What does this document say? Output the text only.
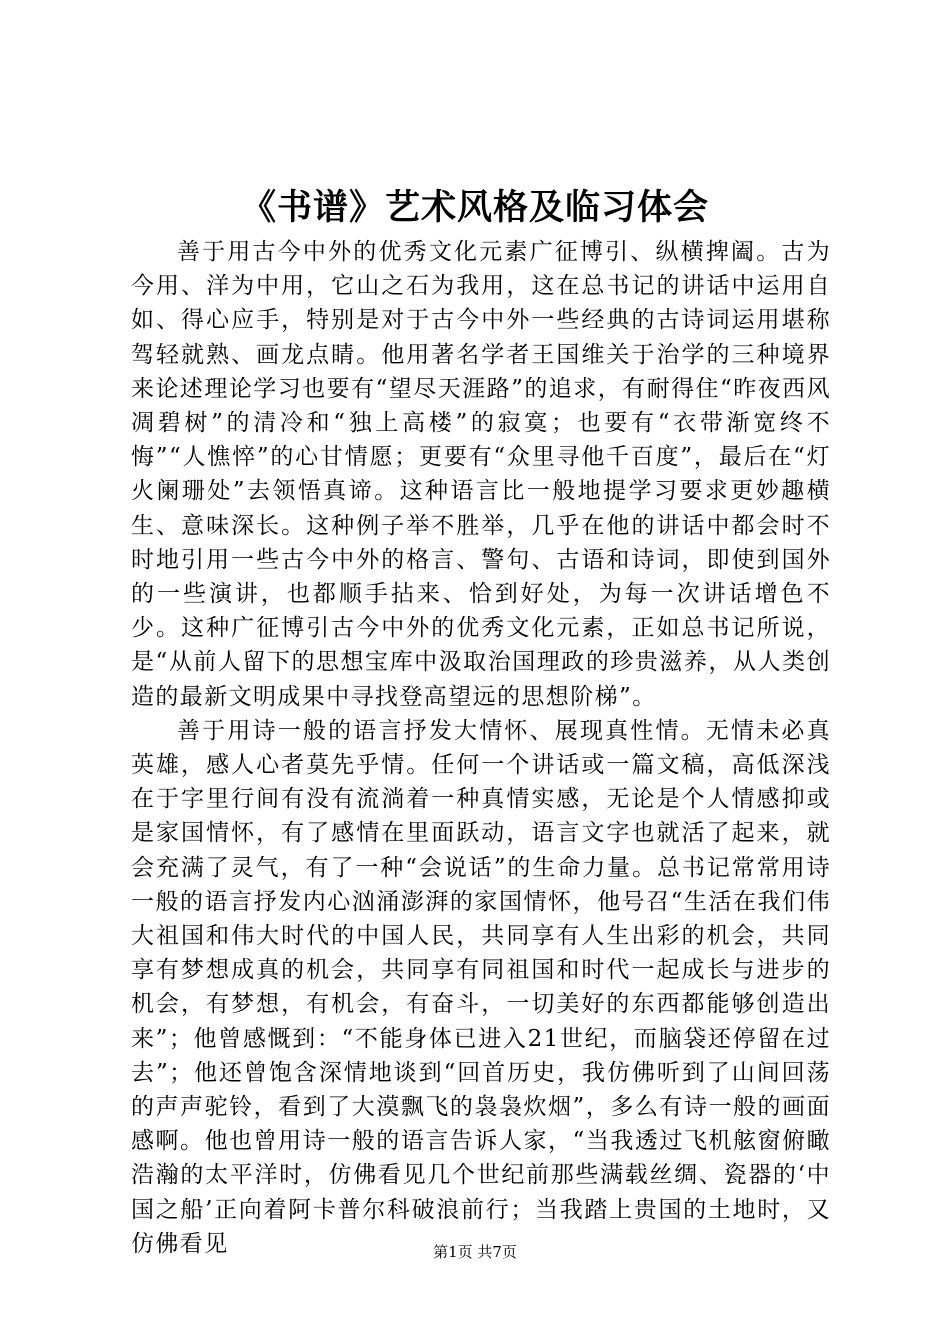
《书谱》艺术风格及临习体会

善于用古今中外的优秀文化元素广征博引、纵横捭阖。古为今用、洋为中用，它山之石为我用，这在总书记的讲话中运用自如、得心应手，特别是对于古今中外一些经典的古诗词运用堪称驾轻就熟、画龙点睛。他用著名学者王国维关于治学的三种境界来论述理论学习也要有“望尽天涯路”的追求，有耐得住“昨夜西风凋碧树”的清冷和“独上高楼”的寂寞；也要有“衣带渐宽终不悔”“人憔悴”的心甘情愿；更要有“众里寻他千百度”，最后在“灯火阑珊处”去领悟真谛。这种语言比一般地提学习要求更妙趣横生、意味深长。这种例子举不胜举，几乎在他的讲话中都会时不时地引用一些古今中外的格言、警句、古语和诗词，即使到国外的一些演讲，也都顺手拈来、恰到好处，为每一次讲话增色不少。这种广征博引古今中外的优秀文化元素，正如总书记所说，是“从前人留下的思想宝库中汲取治国理政的珍贵滋养，从人类创造的最新文明成果中寻找登高望远的思想阶梯”。

善于用诗一般的语言抒发大情怀、展现真性情。无情未必真英雄，感人心者莫先乎情。任何一个讲话或一篇文稿，高低深浅在于字里行间有没有流淌着一种真情实感，无论是个人情感抑或是家国情怀，有了感情在里面跃动，语言文字也就活了起来，就会充满了灵气，有了一种“会说话”的生命力量。总书记常常用诗一般的语言抒发内心汹涌澎湃的家国情怀，他号召“生活在我们伟大祖国和伟大时代的中国人民，共同享有人生出彩的机会，共同享有梦想成真的机会，共同享有同祖国和时代一起成长与进步的机会，有梦想，有机会，有奋斗，一切美好的东西都能够创造出来”；他曾感慨到：“不能身体已进入21世纪，而脑袋还停留在过去”；他还曾饱含深情地谈到“回首历史，我仿佛听到了山间回荡的声声驼铃，看到了大漠飘飞的袅袅炊烟”，多么有诗一般的画面感啊。他也曾用诗一般的语言告诉人家，“当我透过飞机舷窗俯瞰浩瀚的太平洋时，仿佛看见几个世纪前那些满载丝绸、瓷器的‘中国之船’正向着阿卡普尔科破浪前行；当我踏上贵国的土地时，又仿佛看见	第1页 共7页
